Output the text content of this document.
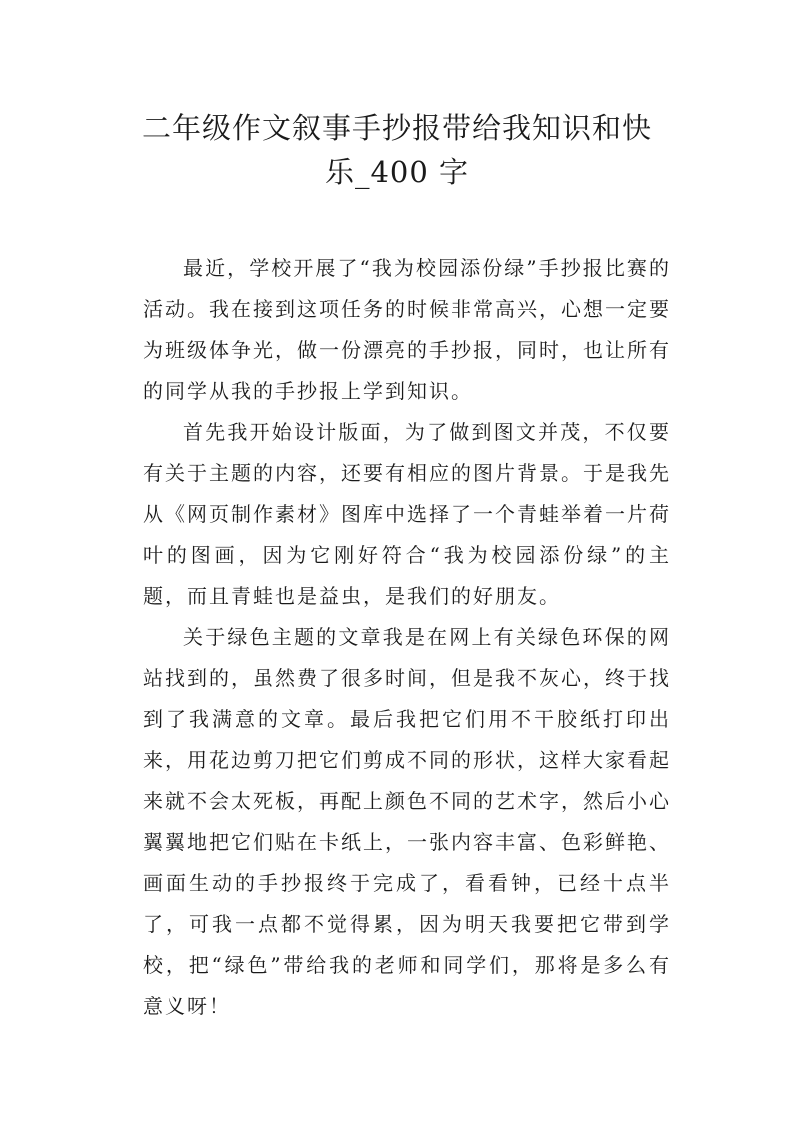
二年级作文叙事手抄报带给我知识和快
乐_400 字

最近，学校开展了“我为校园添份绿”手抄报比赛的活动。我在接到这项任务的时候非常高兴，心想一定要为班级体争光，做一份漂亮的手抄报，同时，也让所有的同学从我的手抄报上学到知识。

首先我开始设计版面，为了做到图文并茂，不仅要有关于主题的内容，还要有相应的图片背景。于是我先从《网页制作素材》图库中选择了一个青蛙举着一片荷叶的图画，因为它刚好符合“我为校园添份绿”的主题，而且青蛙也是益虫，是我们的好朋友。

关于绿色主题的文章我是在网上有关绿色环保的网站找到的，虽然费了很多时间，但是我不灰心，终于找到了我满意的文章。最后我把它们用不干胶纸打印出来，用花边剪刀把它们剪成不同的形状，这样大家看起来就不会太死板，再配上颜色不同的艺术字，然后小心翼翼地把它们贴在卡纸上，一张内容丰富、色彩鲜艳、画面生动的手抄报终于完成了，看看钟，已经十点半了，可我一点都不觉得累，因为明天我要把它带到学校，把“绿色”带给我的老师和同学们，那将是多么有意义呀！
